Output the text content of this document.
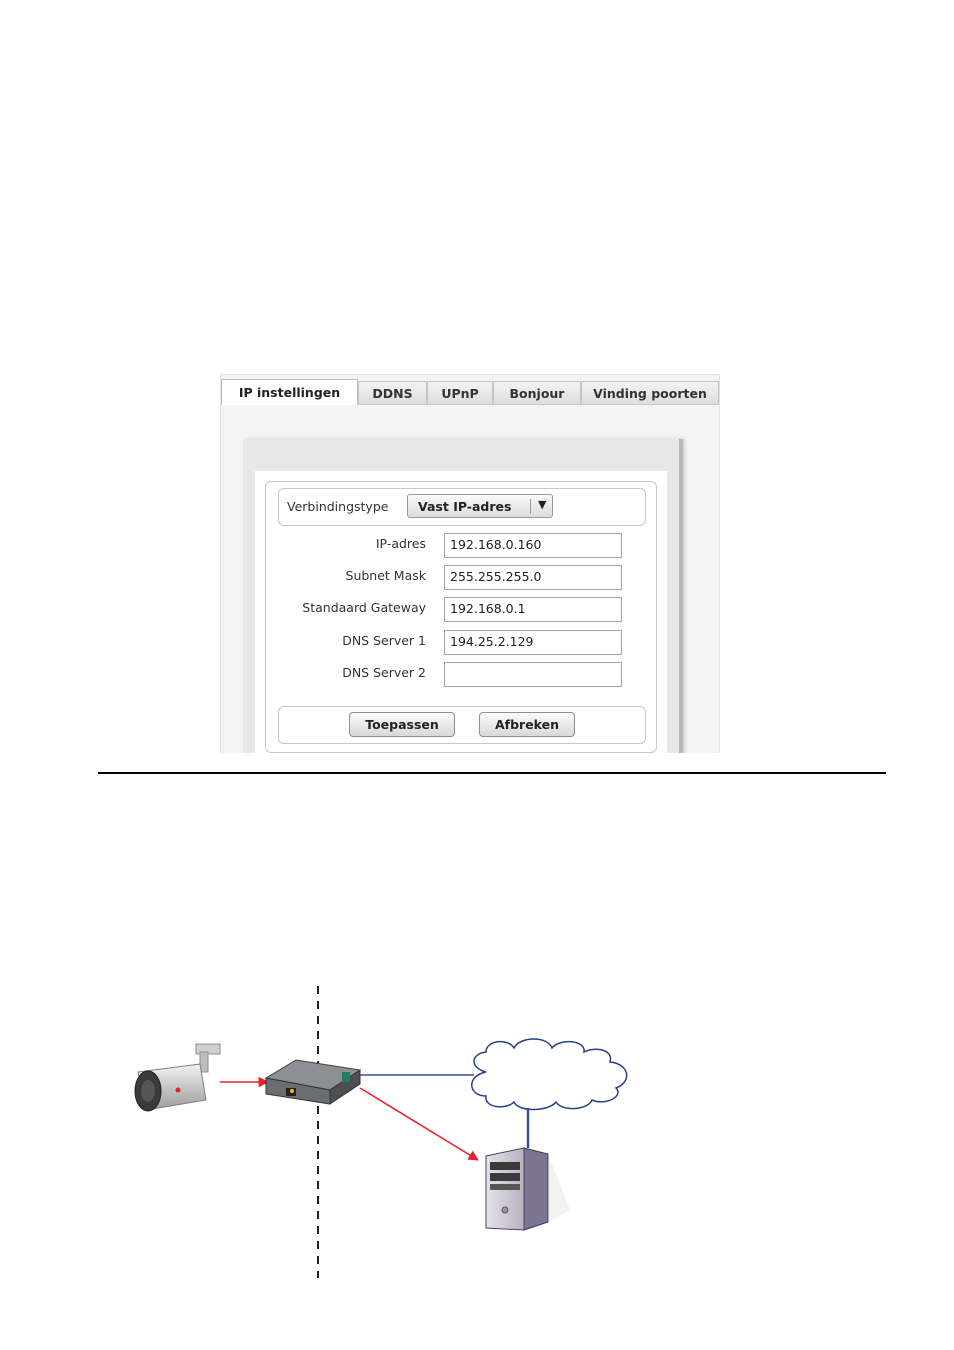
IP instellingen	DDNS	UPnP	Bonjour	Vinding poorten
Verbindingstype Vast IP-adres ▼
IP-adres	192.168.0.160
Subnet Mask	255.255.255.0
Standaard Gateway	192.168.0.1
DNS Server 1	194.25.2.129
DNS Server 2
Toepassen	Afbreken
